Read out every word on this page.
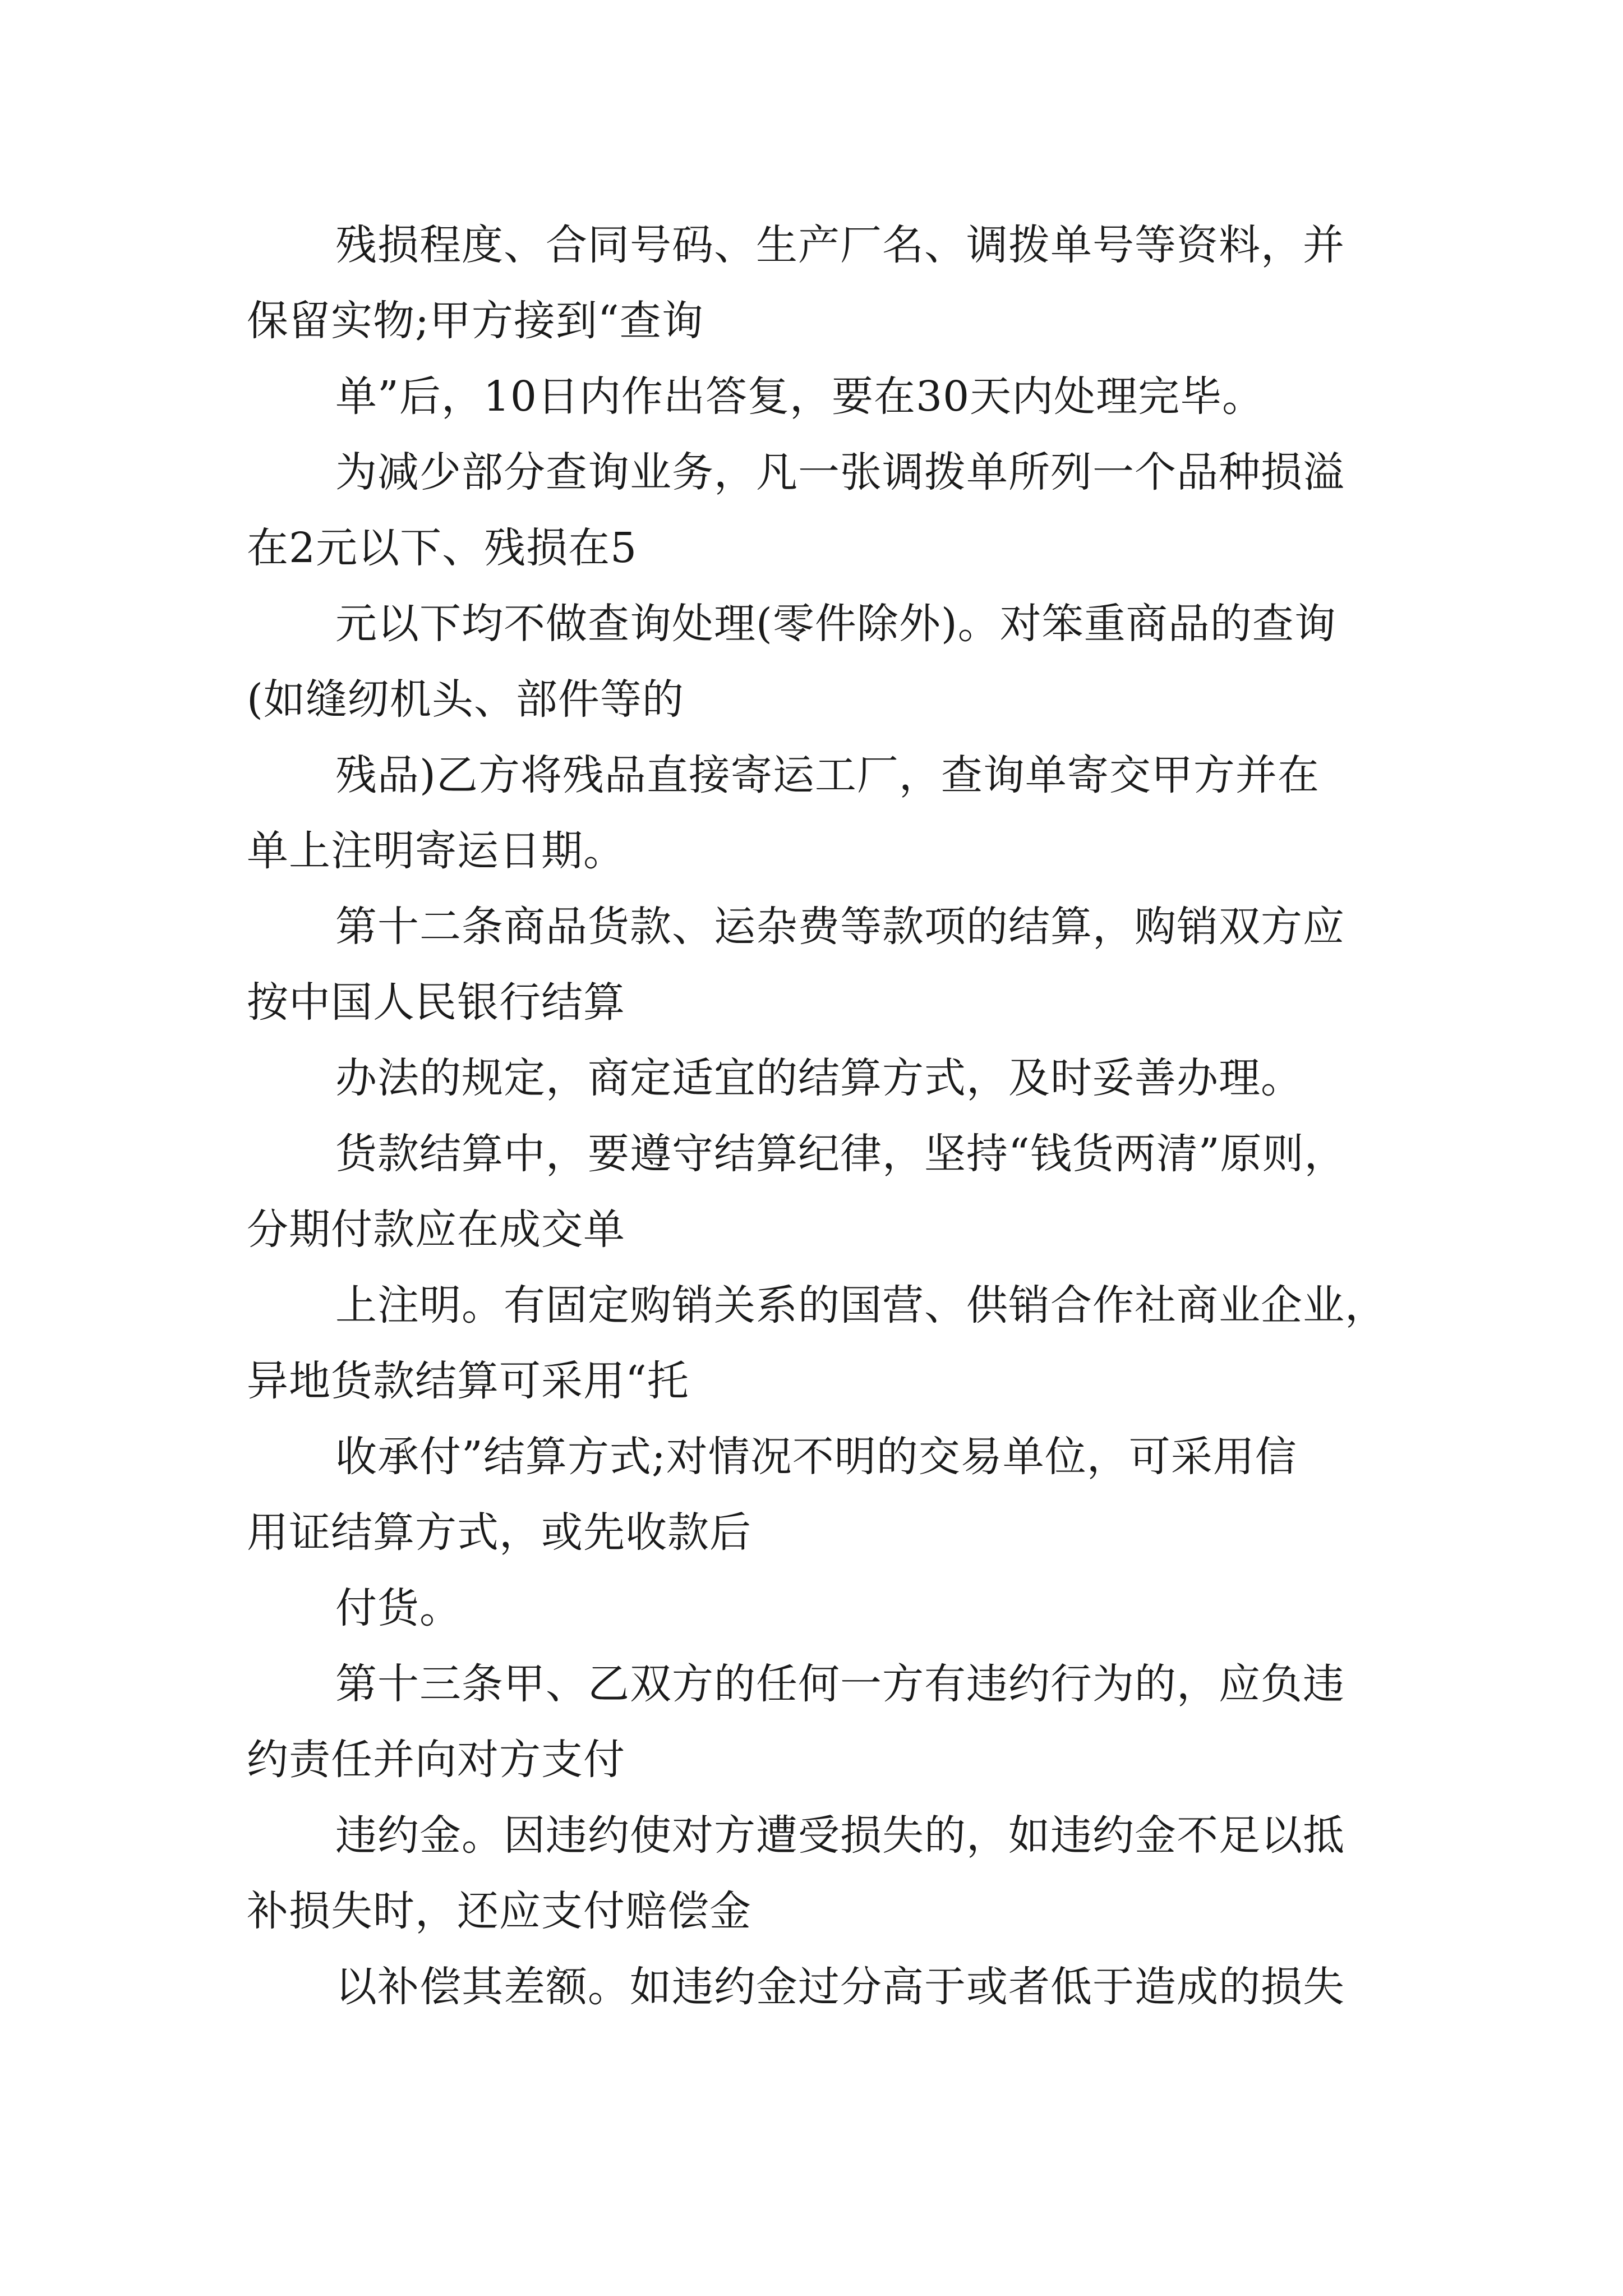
残损程度、合同号码、生产厂名、调拨单号等资料，并
保留实物;甲方接到“查询
单”后，10日内作出答复，要在30天内处理完毕。
为减少部分查询业务，凡一张调拨单所列一个品种损溢
在2元以下、残损在5
元以下均不做查询处理(零件除外)。对笨重商品的查询
(如缝纫机头、部件等的
残品)乙方将残品直接寄运工厂，查询单寄交甲方并在
单上注明寄运日期。
第十二条商品货款、运杂费等款项的结算，购销双方应
按中国人民银行结算
办法的规定，商定适宜的结算方式，及时妥善办理。
货款结算中，要遵守结算纪律，坚持“钱货两清”原则，
分期付款应在成交单
上注明。有固定购销关系的国营、供销合作社商业企业，
异地货款结算可采用“托
收承付”结算方式;对情况不明的交易单位，可采用信
用证结算方式，或先收款后
付货。
第十三条甲、乙双方的任何一方有违约行为的，应负违
约责任并向对方支付
违约金。因违约使对方遭受损失的，如违约金不足以抵
补损失时，还应支付赔偿金
以补偿其差额。如违约金过分高于或者低于造成的损失
